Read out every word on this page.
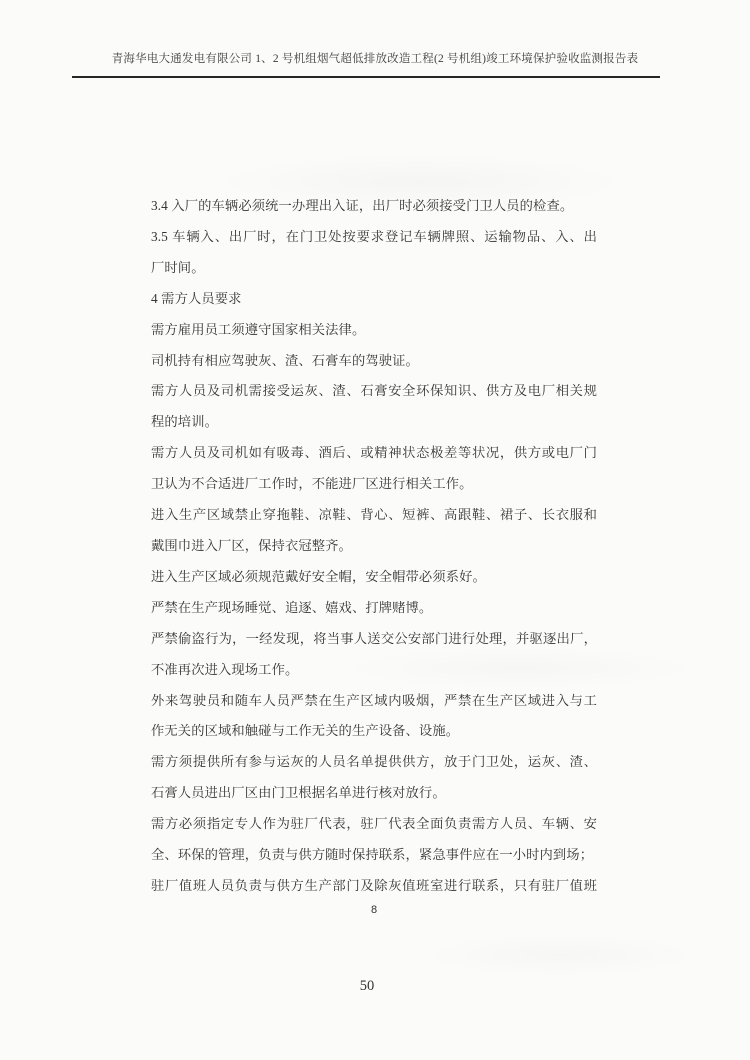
青海华电大通发电有限公司 1、2 号机组烟气超低排放改造工程(2 号机组)竣工环境保护验收监测报告表
3.4 入厂的车辆必须统一办理出入证，出厂时必须接受门卫人员的检查。
3.5 车辆入、出厂时，在门卫处按要求登记车辆牌照、运输物品、入、出
厂时间。
4 需方人员要求
需方雇用员工须遵守国家相关法律。
司机持有相应驾驶灰、渣、石膏车的驾驶证。
需方人员及司机需接受运灰、渣、石膏安全环保知识、供方及电厂相关规
程的培训。
需方人员及司机如有吸毒、酒后、或精神状态极差等状况，供方或电厂门
卫认为不合适进厂工作时，不能进厂区进行相关工作。
进入生产区域禁止穿拖鞋、凉鞋、背心、短裤、高跟鞋、裙子、长衣服和
戴围巾进入厂区，保持衣冠整齐。
进入生产区域必须规范戴好安全帽，安全帽带必须系好。
严禁在生产现场睡觉、追逐、嬉戏、打牌赌博。
严禁偷盗行为，一经发现，将当事人送交公安部门进行处理，并驱逐出厂，
不准再次进入现场工作。
外来驾驶员和随车人员严禁在生产区域内吸烟，严禁在生产区域进入与工
作无关的区域和触碰与工作无关的生产设备、设施。
需方须提供所有参与运灰的人员名单提供供方，放于门卫处，运灰、渣、
石膏人员进出厂区由门卫根据名单进行核对放行。
需方必须指定专人作为驻厂代表，驻厂代表全面负责需方人员、车辆、安
全、环保的管理，负责与供方随时保持联系，紧急事件应在一小时内到场；
驻厂值班人员负责与供方生产部门及除灰值班室进行联系，只有驻厂值班
8
50
